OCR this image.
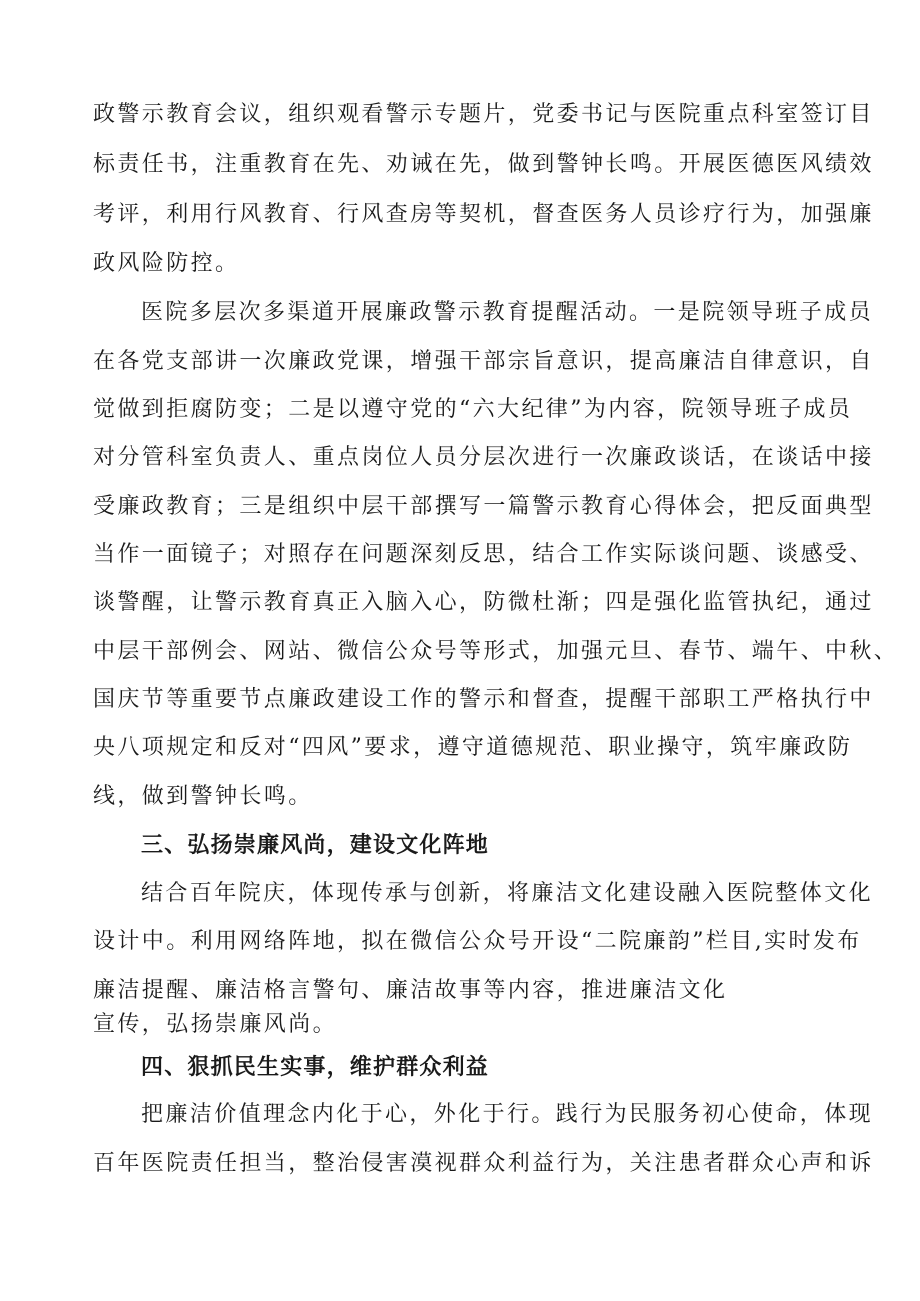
政警示教育会议，组织观看警示专题片，党委书记与医院重点科室签订目
标责任书，注重教育在先、劝诫在先，做到警钟长鸣。开展医德医风绩效
考评，利用行风教育、行风查房等契机，督查医务人员诊疗行为，加强廉
政风险防控。
医院多层次多渠道开展廉政警示教育提醒活动。一是院领导班子成员
在各党支部讲一次廉政党课，增强干部宗旨意识，提高廉洁自律意识，自
觉做到拒腐防变；二是以遵守党的“六大纪律”为内容，院领导班子成员
对分管科室负责人、重点岗位人员分层次进行一次廉政谈话，在谈话中接
受廉政教育；三是组织中层干部撰写一篇警示教育心得体会，把反面典型
当作一面镜子；对照存在问题深刻反思，结合工作实际谈问题、谈感受、
谈警醒，让警示教育真正入脑入心，防微杜渐；四是强化监管执纪，通过
中层干部例会、网站、微信公众号等形式，加强元旦、春节、端午、中秋、
国庆节等重要节点廉政建设工作的警示和督查，提醒干部职工严格执行中
央八项规定和反对“四风”要求，遵守道德规范、职业操守，筑牢廉政防
线，做到警钟长鸣。
三、弘扬崇廉风尚，建设文化阵地
结合百年院庆，体现传承与创新，将廉洁文化建设融入医院整体文化
设计中。利用网络阵地，拟在微信公众号开设“二院廉韵”栏目,实时发布
廉洁提醒、廉洁格言警句、廉洁故事等内容，推进廉洁文化
宣传，弘扬崇廉风尚。
四、狠抓民生实事，维护群众利益
把廉洁价值理念内化于心，外化于行。践行为民服务初心使命，体现
百年医院责任担当，整治侵害漠视群众利益行为，关注患者群众心声和诉
